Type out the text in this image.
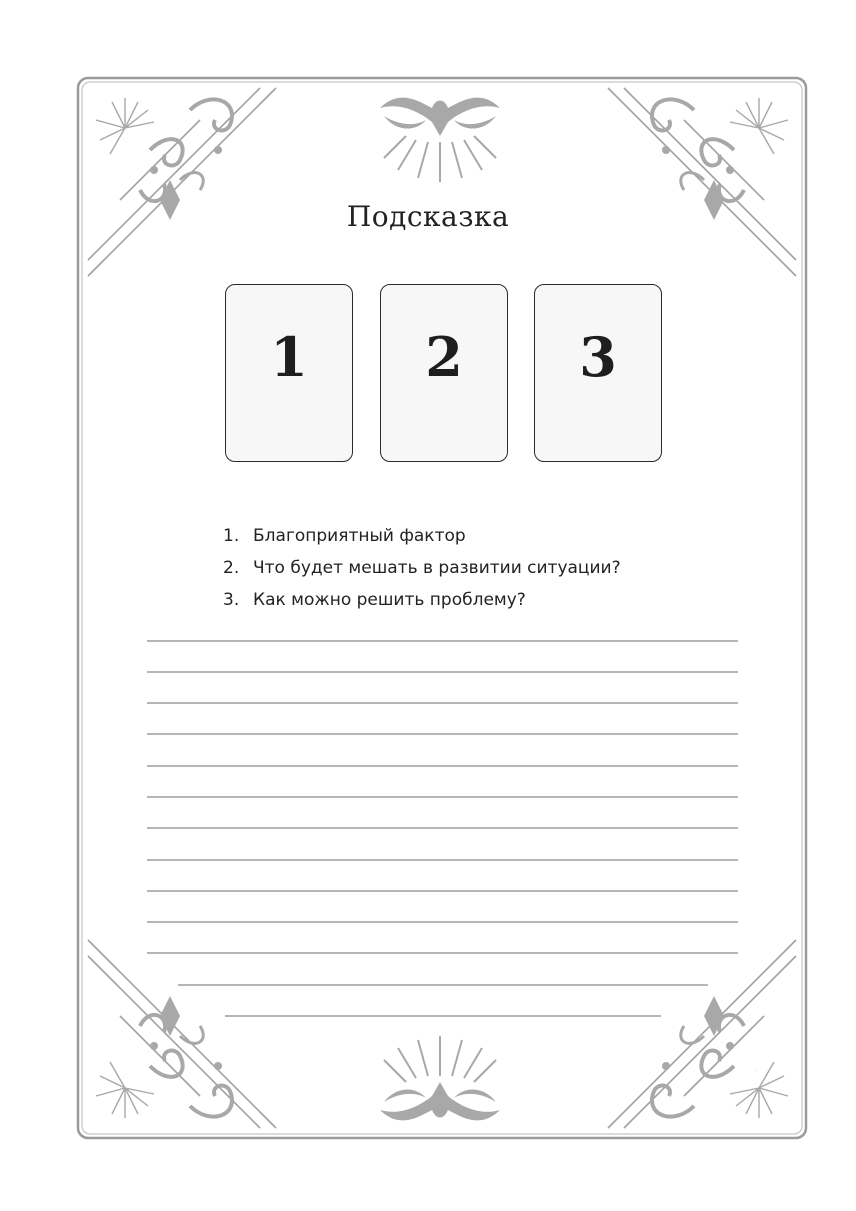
Подсказка
1 2 3
1. Благоприятный фактор
2. Что будет мешать в развитии ситуации?
3. Как можно решить проблему?
